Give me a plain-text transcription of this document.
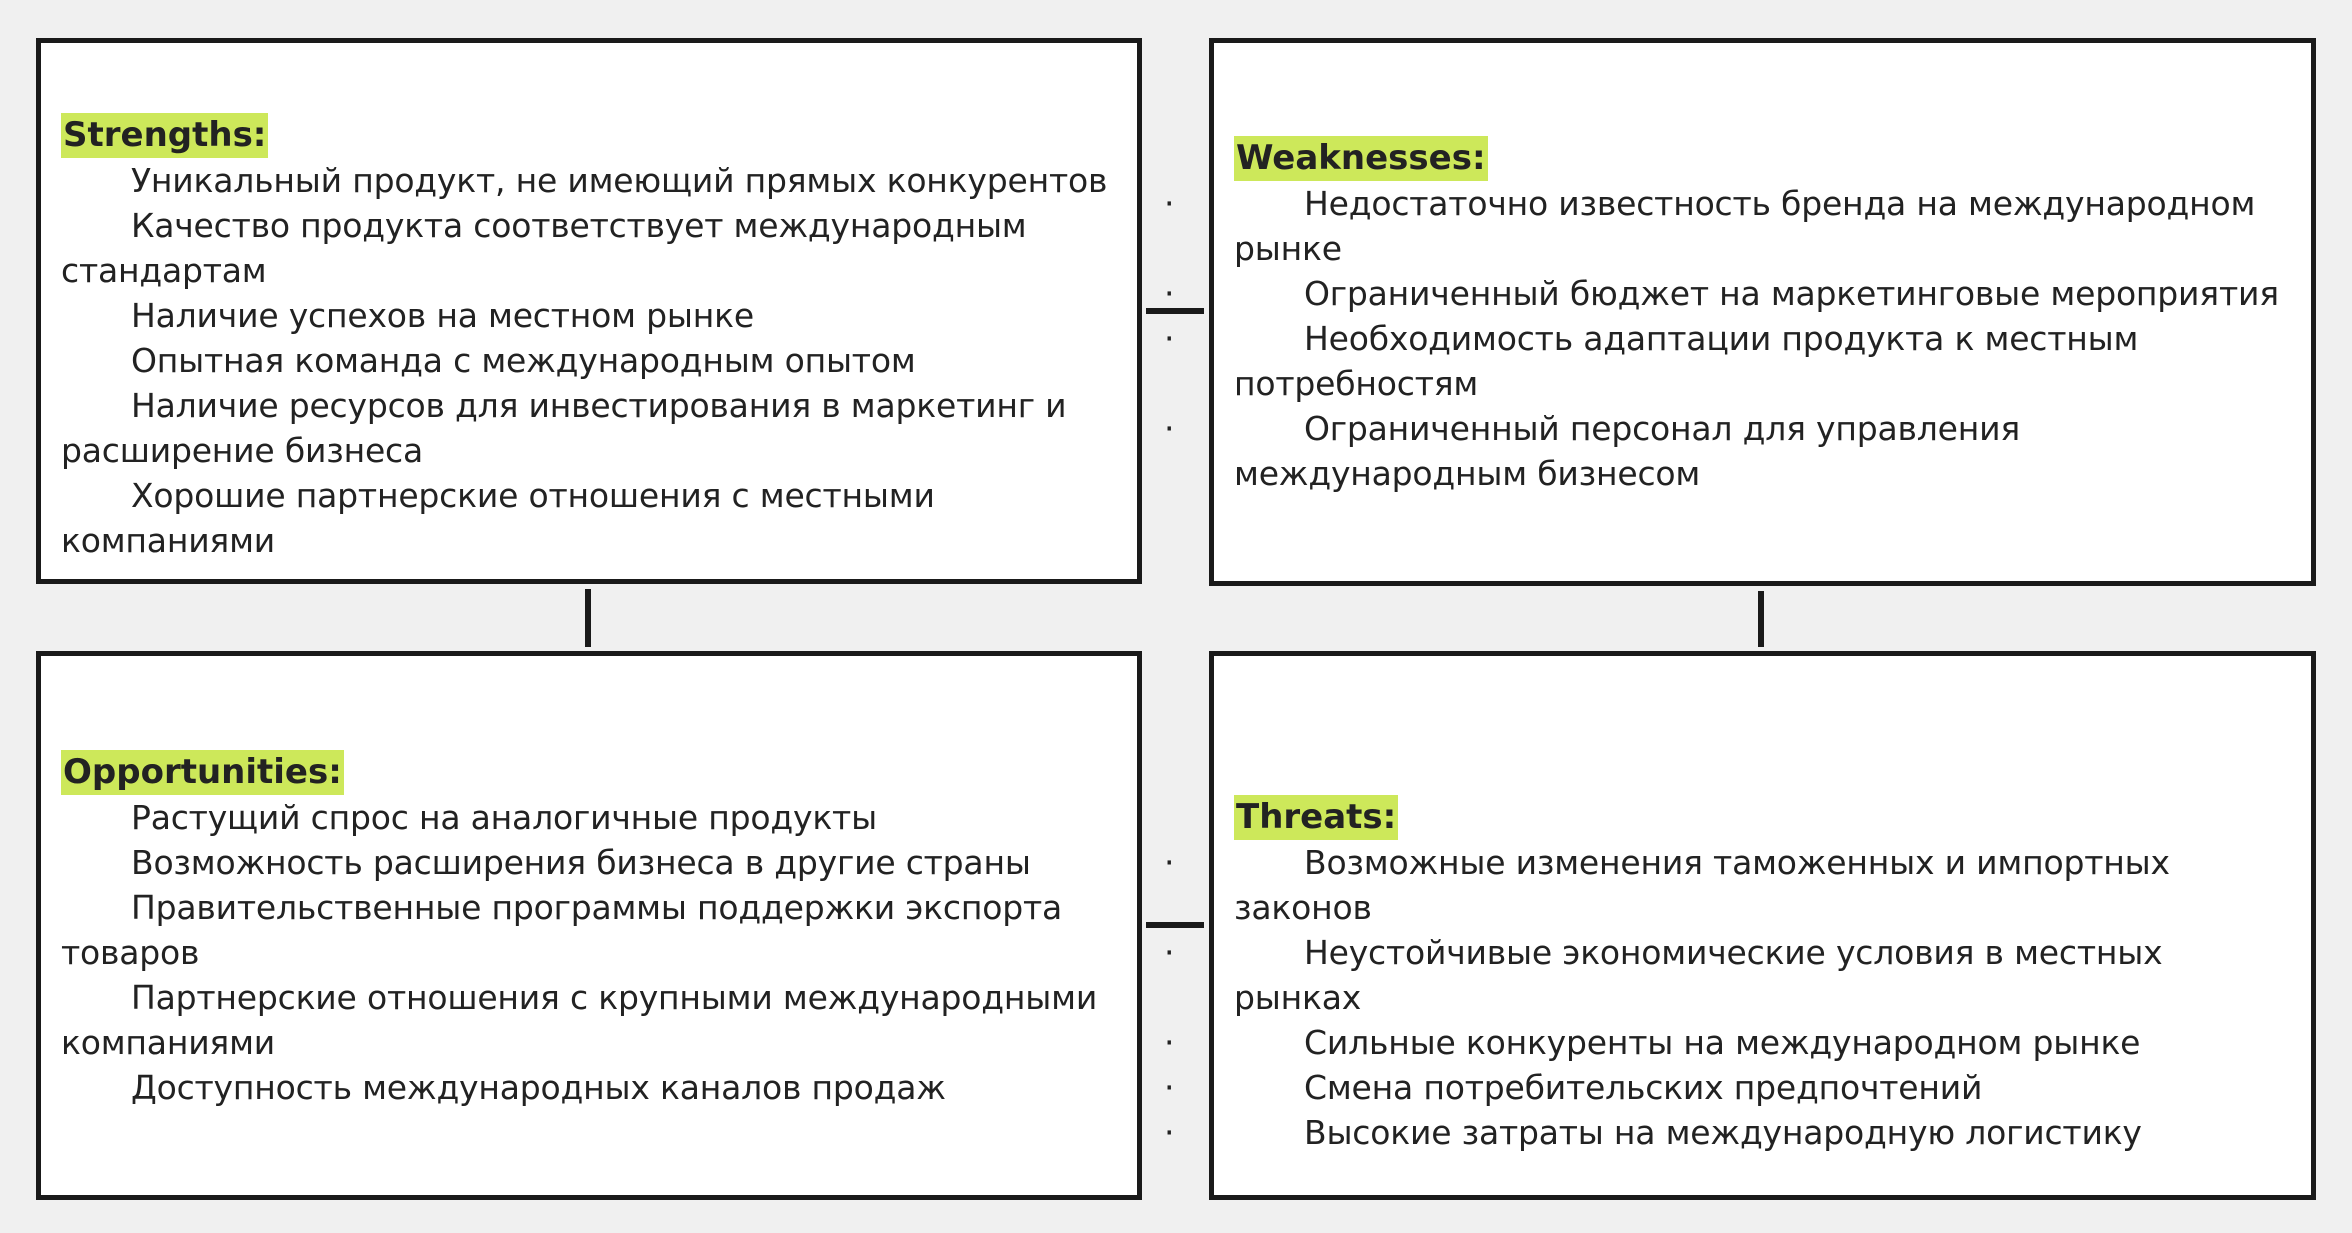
Strengths:
· Уникальный продукт, не имеющий прямых конкурентов
· Качество продукта соответствует международным стандартам
· Наличие успехов на местном рынке
· Опытная команда с международным опытом
· Наличие ресурсов для инвестирования в маркетинг и расширение бизнеса
· Хорошие партнерские отношения с местными компаниями
Weaknesses:
· Недостаточно известность бренда на международном рынке
· Ограниченный бюджет на маркетинговые мероприятия
· Необходимость адаптации продукта к местным потребностям
· Ограниченный персонал для управления международным бизнесом
Opportunities:
· Растущий спрос на аналогичные продукты
· Возможность расширения бизнеса в другие страны
· Правительственные программы поддержки экспорта товаров
· Партнерские отношения с крупными международными компаниями
· Доступность международных каналов продаж
Threats:
· Возможные изменения таможенных и импортных законов
· Неустойчивые экономические условия в местных рынках
· Сильные конкуренты на международном рынке
· Смена потребительских предпочтений
· Высокие затраты на международную логистику
